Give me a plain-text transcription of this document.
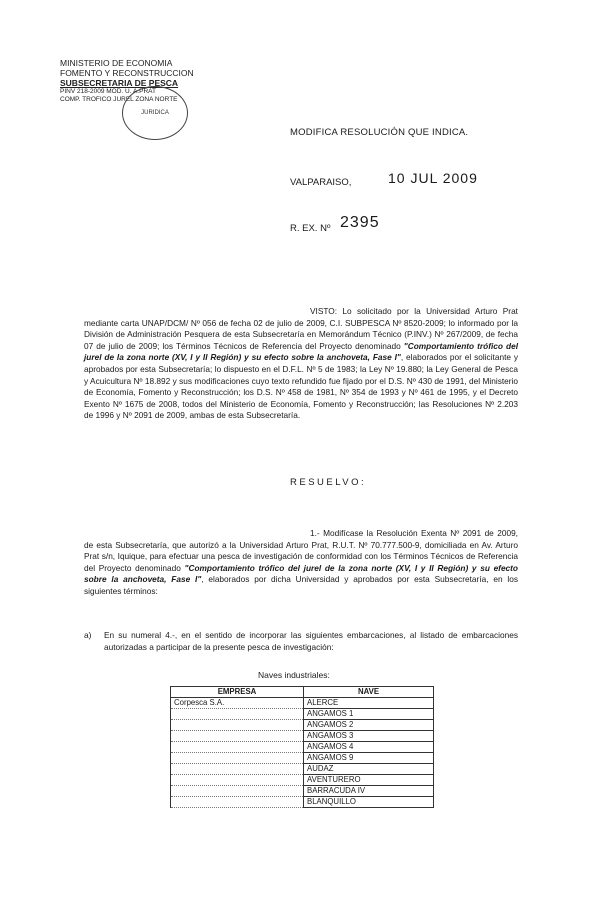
MINISTERIO DE ECONOMIA
FOMENTO Y RECONSTRUCCION
SUBSECRETARIA DE PESCA
PINV 218-2009 MOD. U. A.PRAT
COMP. TROFICO JUREL ZONA NORTE
JURIDICA
MODIFICA RESOLUCIÓN QUE INDICA.
VALPARAISO,	10 JUL 2009
R. EX. Nº 2395
VISTO: Lo solicitado por la Universidad Arturo Prat mediante carta UNAP/DCM/ Nº 056 de fecha 02 de julio de 2009, C.I. SUBPESCA Nº 8520-2009; lo informado por la División de Administración Pesquera de esta Subsecretaría en Memorándum Técnico (P.INV.) Nº 267/2009, de fecha 07 de julio de 2009; los Términos Técnicos de Referencia del Proyecto denominado "Comportamiento trófico del jurel de la zona norte (XV, I y II Región) y su efecto sobre la anchoveta, Fase I", elaborados por el solicitante y aprobados por esta Subsecretaría; lo dispuesto en el D.F.L. Nº 5 de 1983; la Ley Nº 19.880; la Ley General de Pesca y Acuicultura Nº 18.892 y sus modificaciones cuyo texto refundido fue fijado por el D.S. Nº 430 de 1991, del Ministerio de Economía, Fomento y Reconstrucción; los D.S. Nº 458 de 1981, Nº 354 de 1993 y Nº 461 de 1995, y el Decreto Exento Nº 1675 de 2008, todos del Ministerio de Economía, Fomento y Reconstrucción; las Resoluciones Nº 2.203 de 1996 y Nº 2091 de 2009, ambas de esta Subsecretaría.
RESUELVO:
1.- Modifícase la Resolución Exenta Nº 2091 de 2009, de esta Subsecretaría, que autorizó a la Universidad Arturo Prat, R.U.T. Nº 70.777.500-9, domiciliada en Av. Arturo Prat s/n, Iquique, para efectuar una pesca de investigación de conformidad con los Términos Técnicos de Referencia del Proyecto denominado "Comportamiento trófico del jurel de la zona norte (XV, I y II Región) y su efecto sobre la anchoveta, Fase I", elaborados por dicha Universidad y aprobados por esta Subsecretaría, en los siguientes términos:
a) En su numeral 4.-, en el sentido de incorporar las siguientes embarcaciones, al listado de embarcaciones autorizadas a participar de la presente pesca de investigación:
Naves industriales:
EMPRESA	NAVE
Corpesca S.A.	ALERCE
	ANGAMOS 1
	ANGAMOS 2
	ANGAMOS 3
	ANGAMOS 4
	ANGAMOS 9
	AUDAZ
	AVENTURERO
	BARRACUDA IV
	BLANQUILLO
